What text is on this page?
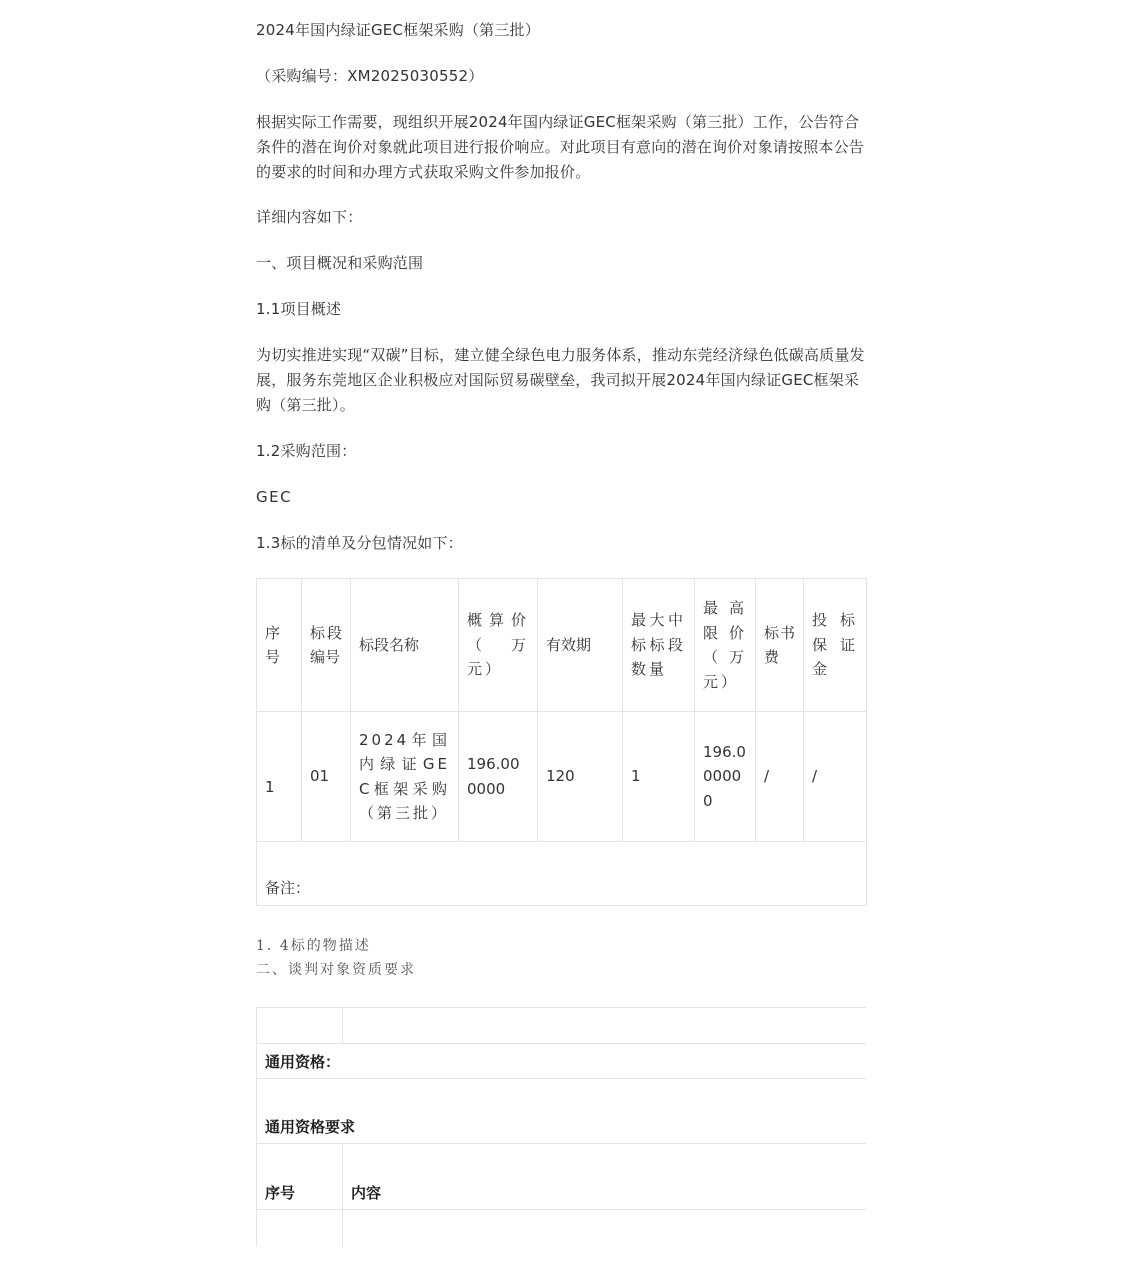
2024年国内绿证GEC框架采购（第三批）

（采购编号：XM2025030552）

根据实际工作需要，现组织开展2024年国内绿证GEC框架采购（第三批）工作，公告符合条件的潜在询价对象就此项目进行报价响应。对此项目有意向的潜在询价对象请按照本公告的要求的时间和办理方式获取采购文件参加报价。

详细内容如下：

一、项目概况和采购范围

1.1项目概述

为切实推进实现“双碳”目标，建立健全绿色电力服务体系，推动东莞经济绿色低碳高质量发展，服务东莞地区企业积极应对国际贸易碳壁垒，我司拟开展2024年国内绿证GEC框架采购（第三批）。

1.2采购范围：

GEC

1.3标的清单及分包情况如下：

序号	标段编号	标段名称	概算价（ 万元）	有效期	最大中标标段数量	最高限价（万元）	标书费	投标保证金
1	01	2024年国内绿证GEC框架采购（第三批）	196.000000	120	1	196.000000	/	/
备注：								

1. 4标的物描述

二、谈判对象资质要求

通用资格：	
通用资格要求	
序号	内容
